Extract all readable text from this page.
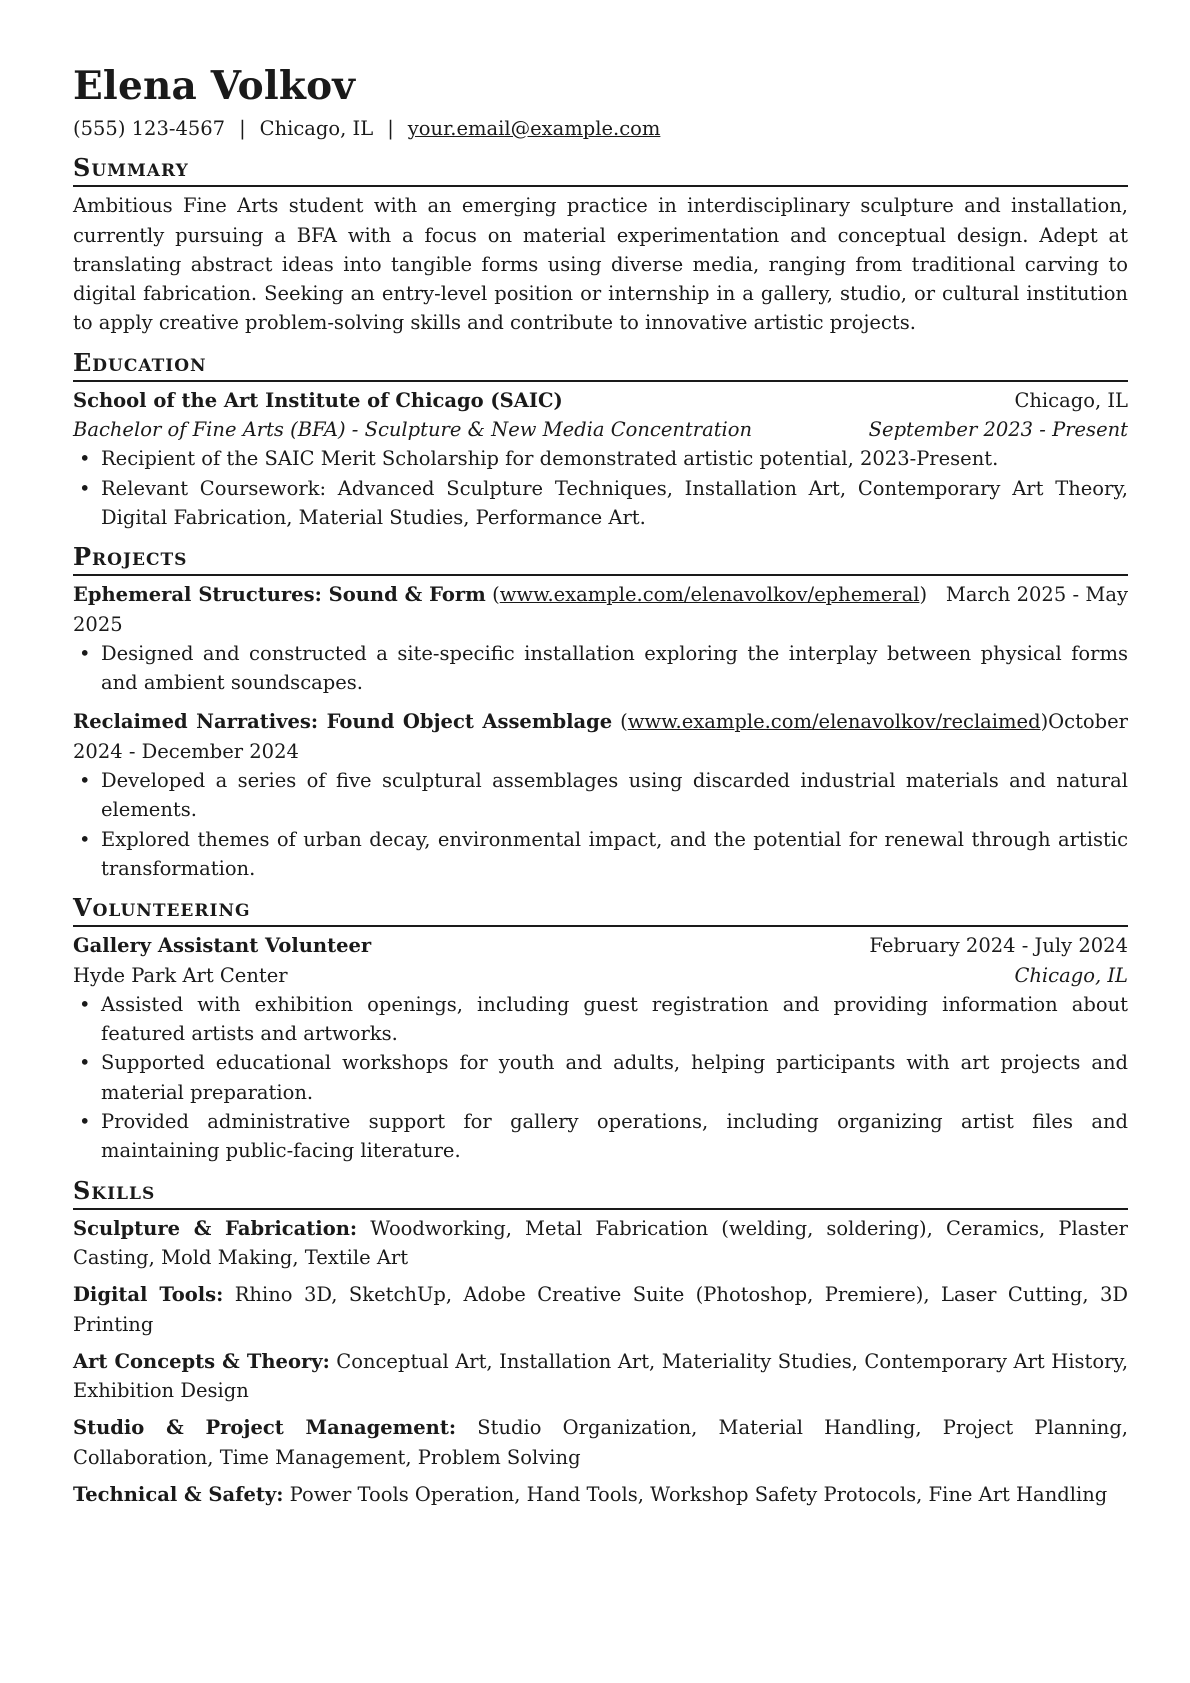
Elena Volkov
(555) 123-4567 | Chicago, IL | your.email@example.com
Summary

Ambitious Fine Arts student with an emerging practice in interdisciplinary sculpture and installation, currently pursuing a BFA with a focus on material experimentation and conceptual design. Adept at translating abstract ideas into tangible forms using diverse media, ranging from traditional carving to digital fabrication. Seeking an entry-level position or internship in a gallery, studio, or cultural institution to apply creative problem-solving skills and contribute to innovative artistic projects.

Education
School of the Art Institute of Chicago (SAIC)	Chicago, IL
Bachelor of Fine Arts (BFA) - Sculpture & New Media Concentration	September 2023 - Present
• Recipient of the SAIC Merit Scholarship for demonstrated artistic potential, 2023-Present.
• Relevant Coursework: Advanced Sculpture Techniques, Installation Art, Contemporary Art Theory, Digital Fabrication, Material Studies, Performance Art.
Projects
Ephemeral Structures: Sound & Form (www.example.com/elenavolkov/ephemeral)   March 2025 - May 2025
• Designed and constructed a site-specific installation exploring the interplay between physical forms and ambient soundscapes.
Reclaimed Narratives: Found Object Assemblage (www.example.com/elenavolkov/reclaimed)October 2024 - December 2024
• Developed a series of five sculptural assemblages using discarded industrial materials and natural elements.
• Explored themes of urban decay, environmental impact, and the potential for renewal through artistic transformation.
Volunteering
Gallery Assistant Volunteer	February 2024 - July 2024
Hyde Park Art Center	Chicago, IL
• Assisted with exhibition openings, including guest registration and providing information about featured artists and artworks.
• Supported educational workshops for youth and adults, helping participants with art projects and material preparation.
• Provided administrative support for gallery operations, including organizing artist files and maintaining public-facing literature.
Skills

Sculpture & Fabrication: Woodworking, Metal Fabrication (welding, soldering), Ceramics, Plaster Casting, Mold Making, Textile Art

Digital Tools: Rhino 3D, SketchUp, Adobe Creative Suite (Photoshop, Premiere), Laser Cutting, 3D Printing

Art Concepts & Theory: Conceptual Art, Installation Art, Materiality Studies, Contemporary Art History, Exhibition Design

Studio & Project Management: Studio Organization, Material Handling, Project Planning, Collaboration, Time Management, Problem Solving

Technical & Safety: Power Tools Operation, Hand Tools, Workshop Safety Protocols, Fine Art Handling
